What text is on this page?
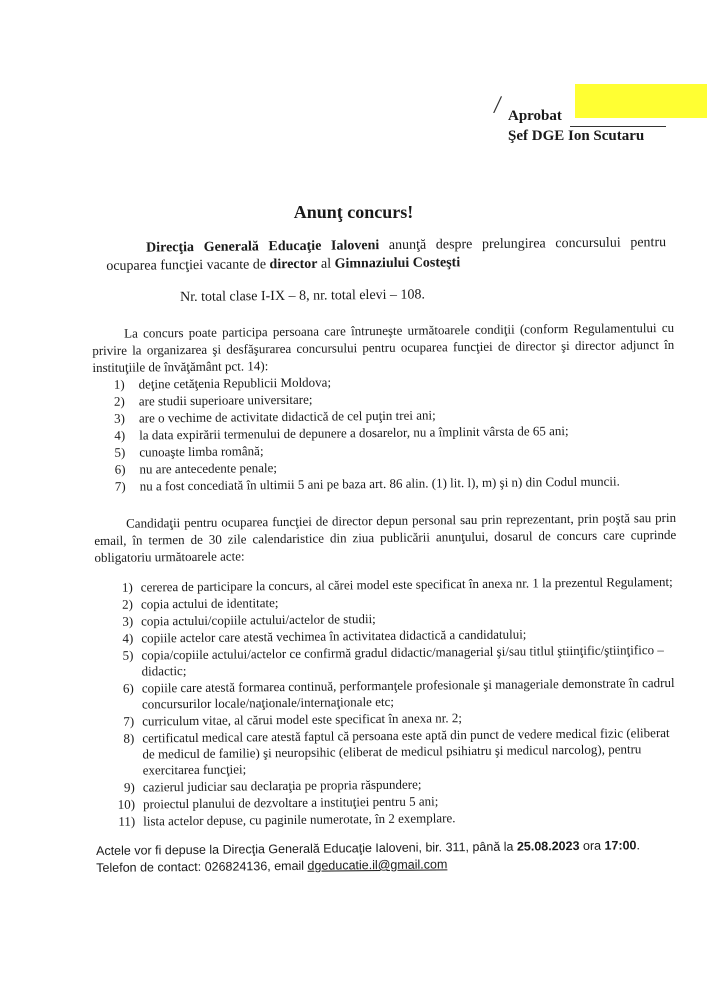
/ Aprobat
Şef DGE Ion Scutaru
Anunţ concurs!

Direcţia Generală Educaţie Ialoveni anunţă despre prelungirea concursului pentru ocuparea funcţiei vacante de director al Gimnaziului Costeşti

Nr. total clase I-IX – 8, nr. total elevi – 108.
La concurs poate participa persoana care întruneşte următoarele condiţii (conform Regulamentului cu privire la organizarea şi desfăşurarea concursului pentru ocuparea funcţiei de director şi director adjunct în instituţiile de învăţământ pct. 14):
1)	deţine cetăţenia Republicii Moldova;
2)	are studii superioare universitare;
3)	are o vechime de activitate didactică de cel puţin trei ani;
4)	la data expirării termenului de depunere a dosarelor, nu a împlinit vârsta de 65 ani;
5)	cunoaşte limba română;
6)	nu are antecedente penale;
7)	nu a fost concediată în ultimii 5 ani pe baza art. 86 alin. (1) lit. l), m) şi n) din Codul muncii.
Candidaţii pentru ocuparea funcţiei de director depun personal sau prin reprezentant, prin poştă sau prin email, în termen de 30 zile calendaristice din ziua publicării anunţului, dosarul de concurs care cuprinde obligatoriu următoarele acte:
1) cererea de participare la concurs, al cărei model este specificat în anexa nr. 1 la prezentul Regulament;
2) copia actului de identitate;
3) copia actului/copiile actului/actelor de studii;
4) copiile actelor care atestă vechimea în activitatea didactică a candidatului;
5) copia/copiile actului/actelor ce confirmă gradul didactic/managerial şi/sau titlul ştiinţific/ştiinţifico – didactic;
6) copiile care atestă formarea continuă, performanţele profesionale şi manageriale demonstrate în cadrul concursurilor locale/naţionale/internaţionale etc;
7) curriculum vitae, al cărui model este specificat în anexa nr. 2;
8) certificatul medical care atestă faptul că persoana este aptă din punct de vedere medical fizic (eliberat de medicul de familie) şi neuropsihic (eliberat de medicul psihiatru şi medicul narcolog), pentru exercitarea funcţiei;
9) cazierul judiciar sau declaraţia pe propria răspundere;
10) proiectul planului de dezvoltare a instituţiei pentru 5 ani;
11) lista actelor depuse, cu paginile numerotate, în 2 exemplare.
Actele vor fi depuse la Direcţia Generală Educaţie Ialoveni, bir. 311, până la 25.08.2023 ora 17:00.
Telefon de contact: 026824136, email dgeducatie.il@gmail.com
